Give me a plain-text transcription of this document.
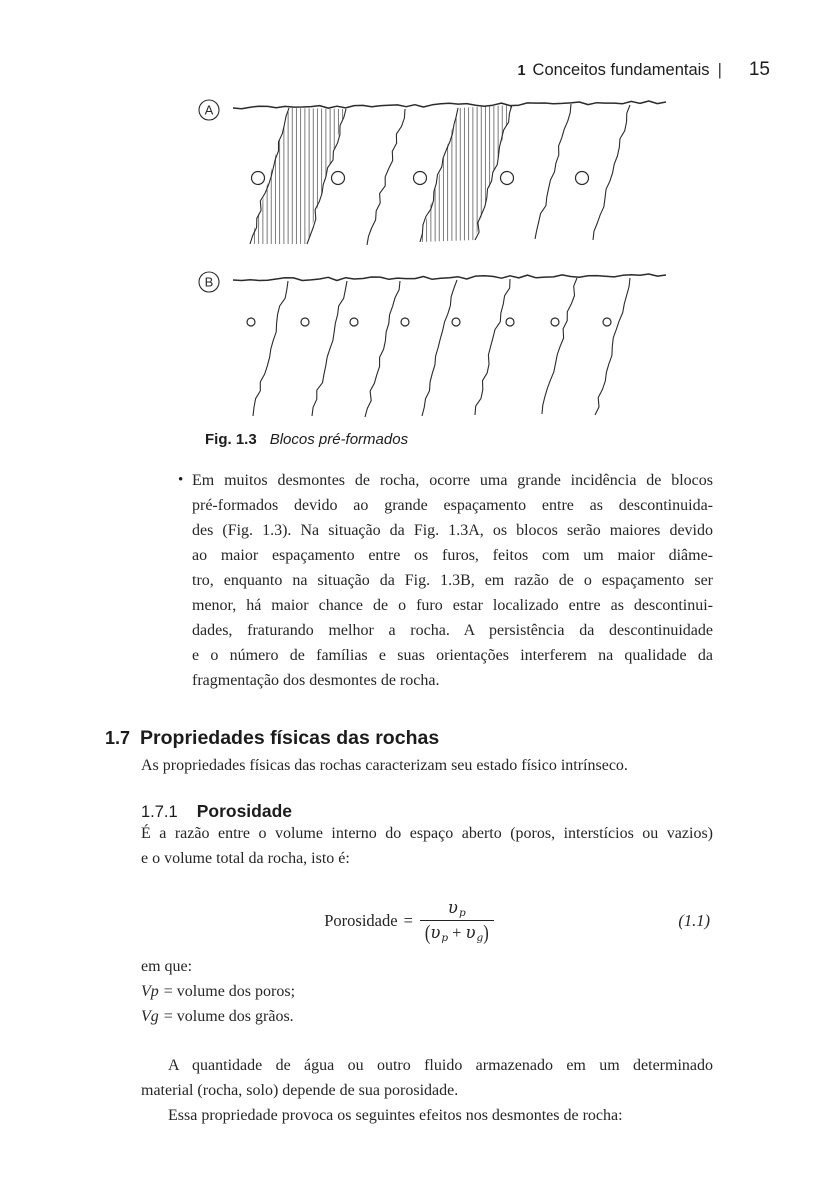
1 Conceitos fundamentais | 15
A
B
Fig. 1.3 Blocos pré-formados
• Em muitos desmontes de rocha, ocorre uma grande incidência de blocos
pré-formados devido ao grande espaçamento entre as descontinuida-
des (Fig. 1.3). Na situação da Fig. 1.3A, os blocos serão maiores devido
ao maior espaçamento entre os furos, feitos com um maior diâme-
tro, enquanto na situação da Fig. 1.3B, em razão de o espaçamento ser
menor, há maior chance de o furo estar localizado entre as descontinui-
dades, fraturando melhor a rocha. A persistência da descontinuidade
e o número de famílias e suas orientações interferem na qualidade da
fragmentação dos desmontes de rocha.
1.7 Propriedades físicas das rochas
As propriedades físicas das rochas caracterizam seu estado físico intrínseco.
1.7.1 Porosidade
É a razão entre o volume interno do espaço aberto (poros, interstícios ou vazios)
e o volume total da rocha, isto é:
Porosidade = $\frac{\upsilon p}{(\upsilon p + \upsilon g)}$	(1.1)
em que:
Vp = volume dos poros;
Vg = volume dos grãos.
A quantidade de água ou outro fluido armazenado em um determinado
material (rocha, solo) depende de sua porosidade.
Essa propriedade provoca os seguintes efeitos nos desmontes de rocha:
